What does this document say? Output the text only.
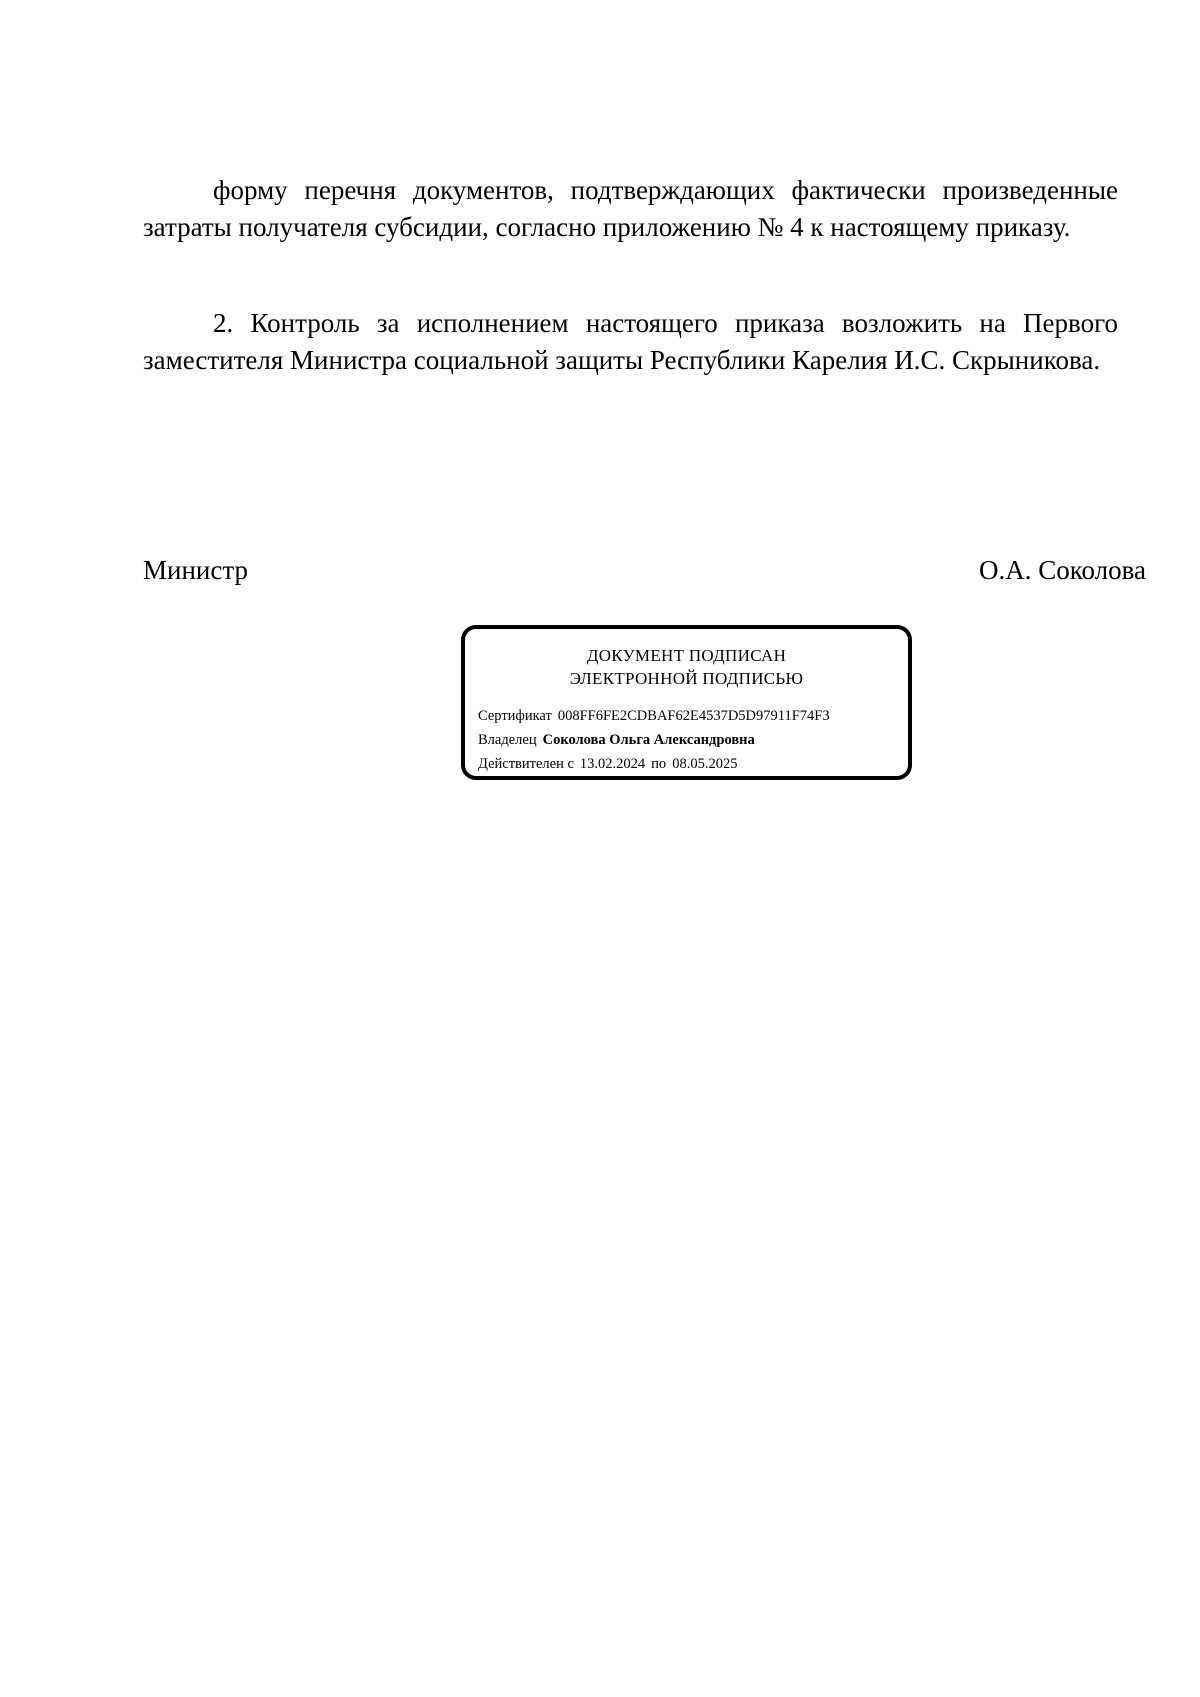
форму перечня документов, подтверждающих фактически произведенные затраты получателя субсидии, согласно приложению № 4 к настоящему приказу.

2. Контроль за исполнением настоящего приказа возложить на Первого заместителя Министра социальной защиты Республики Карелия И.С. Скрыникова.

Министр	О.А. Соколова
ДОКУМЕНТ ПОДПИСАН
ЭЛЕКТРОННОЙ ПОДПИСЬЮ
Сертификат 008FF6FE2CDBAF62E4537D5D97911F74F3
Владелец Соколова Ольга Александровна
Действителен с 13.02.2024 по 08.05.2025
